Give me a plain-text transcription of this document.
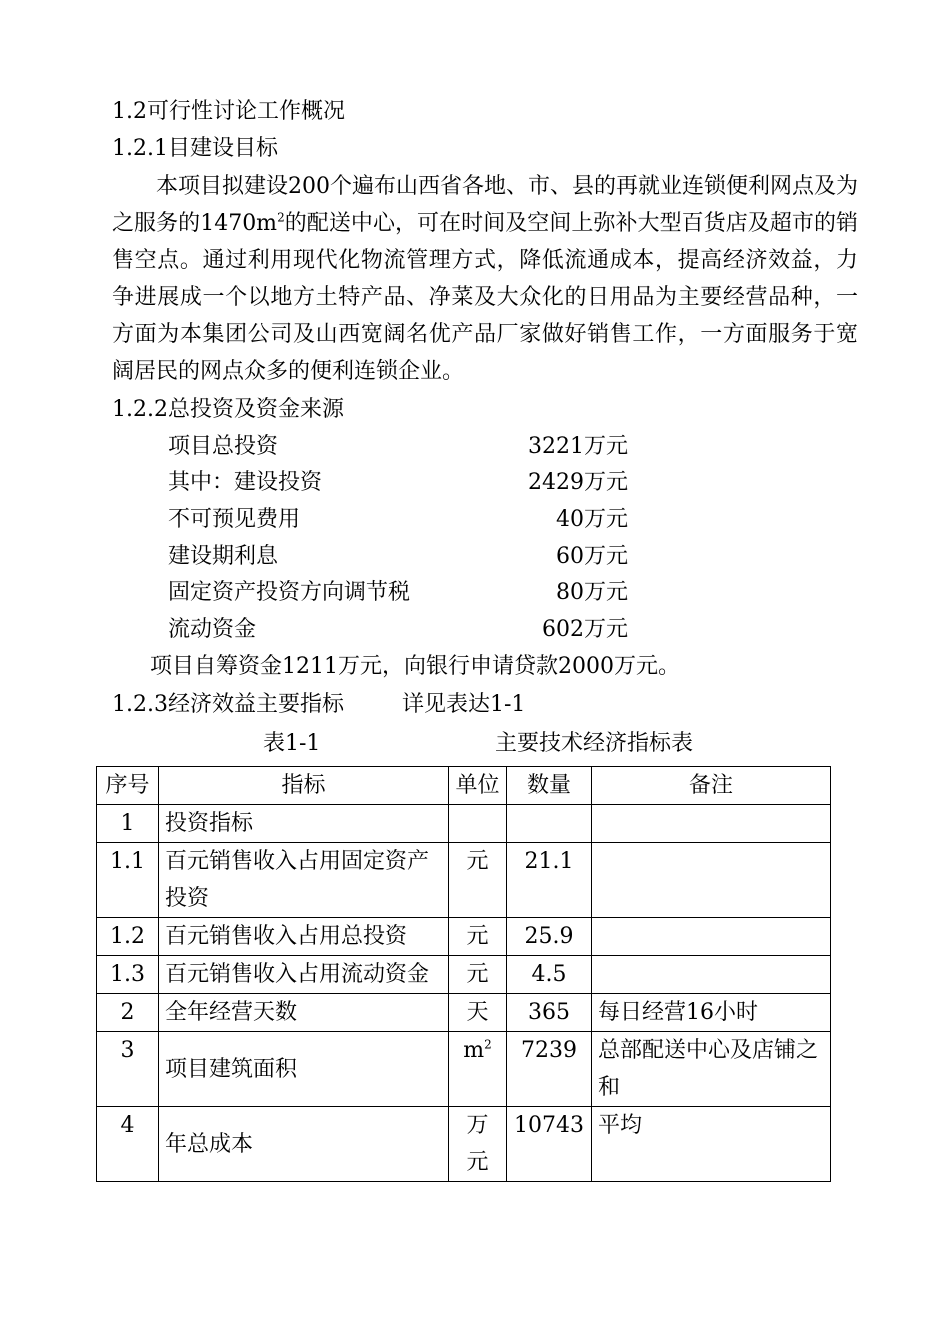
1.2可行性讨论工作概况
1.2.1目建设目标
本项目拟建设200个遍布山西省各地、市、县的再就业连锁便利网点及为之服务的$1470m^2$的配送中心，可在时间及空间上弥补大型百货店及超市的销售空点。通过利用现代化物流管理方式，降低流通成本，提高经济效益，力争进展成一个以地方土特产品、净菜及大众化的日用品为主要经营品种，一方面为本集团公司及山西宽阔名优产品厂家做好销售工作，一方面服务于宽阔居民的网点众多的便利连锁企业。
1.2.2总投资及资金来源
项目总投资	3221万元
其中：建设投资	2429万元
不可预见费用	40万元
建设期利息	60万元
固定资产投资方向调节税	80万元
流动资金	602万元
项目自筹资金1211万元，向银行申请贷款2000万元。
1.2.3经济效益主要指标	详见表达1-1
表1-1	主要技术经济指标表
序号	指标	单位	数量	备注
1	投资指标			
1.1	百元销售收入占用固定资产投资	元	21.1	
1.2	百元销售收入占用总投资	元	25.9	
1.3	百元销售收入占用流动资金	元	4.5	
2	全年经营天数	天	365	每日经营16小时
3	项目建筑面积	$m^2$	7239	总部配送中心及店铺之和
4	年总成本	万元	10743	平均
